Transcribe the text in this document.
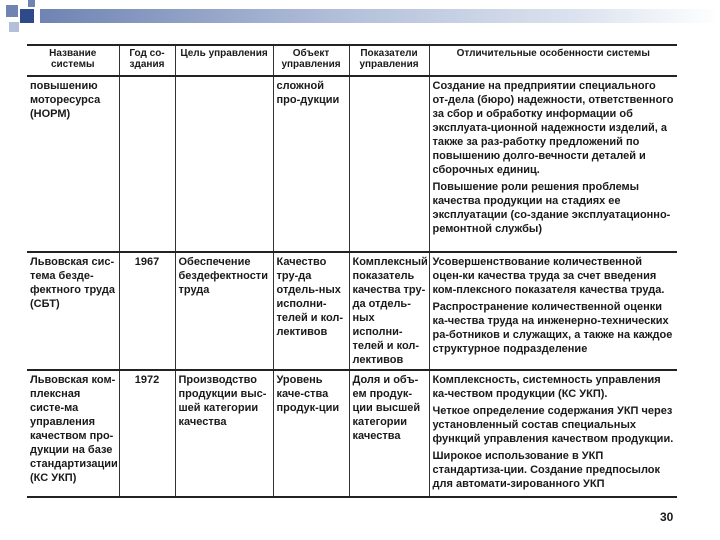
Название системы	Год со-здания	Цель управления	Объект управления	Показатели управления	Отличительные особенности системы
повышению моторесурса (НОРМ)			сложной про-дукции		Создание на предприятии специального от-дела (бюро) надежности, ответственного за сбор и обработку информации об эксплуата-ционной надежности изделий, а также за раз-работку предложений по повышению долго-вечности деталей и сборочных единиц.
Повышение роли решения проблемы качества продукции на стадиях ее эксплуатации (со-здание эксплуатационно-ремонтной службы)

Львовская сис-тема бездe-фектного труда (СБТ)	1967	Обеспечение бездефектности труда	Качество тру-да отдель-ных исполни-телей и кол-лективов	Комплексный показатель качества тру-да отдель-ных исполни-телей и кол-лективов	Усовершенствование количественной оцен-ки качества труда за счет введения ком-плексного показателя качества труда.
Распространение количественной оценки ка-чества труда на инженерно-технических ра-ботников и служащих, а также на каждое структурное подразделение

Львовская ком-плексная систе-ма управления качеством про-дукции на базе стандартизации (КС УКП)	1972	Производство продукции выс-шей категории качества	Уровень каче-ства продук-ции	Доля и объ-ем продук-ции высшей категории качества	Комплексность, системность управления ка-чеством продукции (КС УКП).
Четкое определение содержания УКП через установленный состав специальных функций управления качеством продукции.
Широкое использование в УКП стандартиза-ции. Создание предпосылок для автомати-зированного УКП
30
